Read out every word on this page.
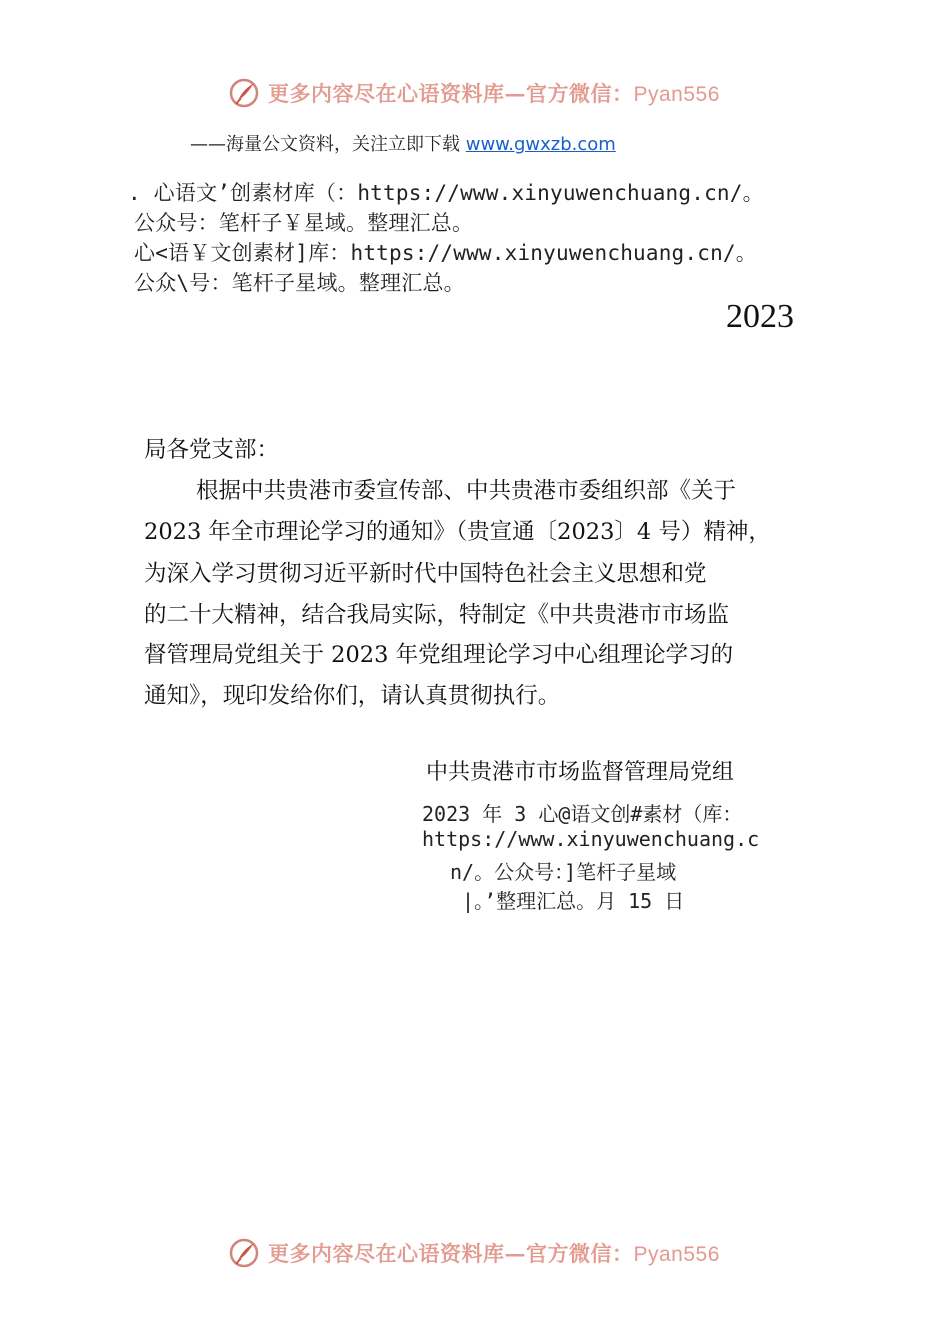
更多内容尽在心语资料库—官方微信：Pyan556
——海量公文资料，关注立即下载 www.gwxzb.com
. 心语文’创素材库（：https://www.xinyuwenchuang.cn/。
公众号：笔杆子￥星域。整理汇总。
心<语￥文创素材]库：https://www.xinyuwenchuang.cn/。
公众\号：笔杆子星域。整理汇总。
2023
局各党支部：
根据中共贵港市委宣传部、中共贵港市委组织部《关于
2023 年全市理论学习的通知》（贵宣通〔2023〕4 号）精神，
为深入学习贯彻习近平新时代中国特色社会主义思想和党
的二十大精神，结合我局实际，特制定《中共贵港市市场监
督管理局党组关于 2023 年党组理论学习中心组理论学习的
通知》，现印发给你们，请认真贯彻执行。
中共贵港市市场监督管理局党组
2023 年 3 心@语文创#素材（库：
https://www.xinyuwenchuang.c
n/。公众号：]笔杆子星域
|。’整理汇总。月 15 日
更多内容尽在心语资料库—官方微信：Pyan556
